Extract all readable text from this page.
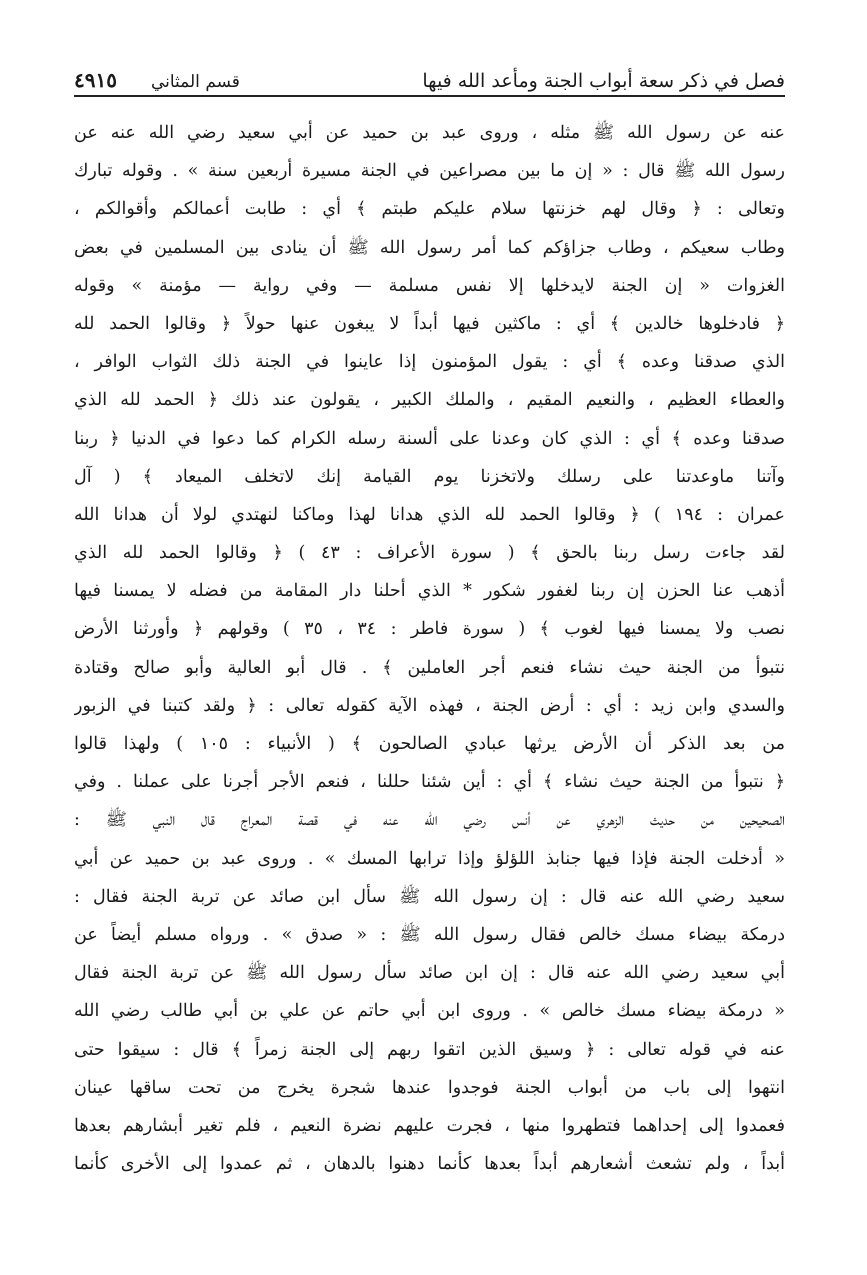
فصل في ذكر سعة أبواب الجنة ومأعد الله فيها
٤٩١٥ قسم المثاني
عنه عن رسول الله ﷺ مثله ، وروى عبد بن حميد عن أبي سعيد رضي الله عنه عن
رسول الله ﷺ قال : « إن ما بين مصراعين في الجنة مسيرة أربعين سنة » . وقوله تبارك
وتعالى : ﴿ وقال لهم خزنتها سلام عليكم طبتم ﴾ أي : طابت أعمالكم وأقوالكم ،
وطاب سعيكم ، وطاب جزاؤكم كما أمر رسول الله ﷺ أن ينادى بين المسلمين في بعض
الغزوات « إن الجنة لايدخلها إلا نفس مسلمة — وفي رواية — مؤمنة » وقوله
﴿ فادخلوها خالدين ﴾ أي : ماكثين فيها أبداً لا يبغون عنها حولاً ﴿ وقالوا الحمد لله
الذي صدقنا وعده ﴾ أي : يقول المؤمنون إذا عاينوا في الجنة ذلك الثواب الوافر ،
والعطاء العظيم ، والنعيم المقيم ، والملك الكبير ، يقولون عند ذلك ﴿ الحمد لله الذي
صدقنا وعده ﴾ أي : الذي كان وعدنا على ألسنة رسله الكرام كما دعوا في الدنيا ﴿ ربنا
وآتنا ماوعدتنا على رسلك ولاتخزنا يوم القيامة إنك لاتخلف الميعاد ﴾ ( آل
عمران : ١٩٤ ) ﴿ وقالوا الحمد لله الذي هدانا لهذا وماكنا لنهتدي لولا أن هدانا الله
لقد جاءت رسل ربنا بالحق ﴾ ( سورة الأعراف : ٤٣ ) ﴿ وقالوا الحمد لله الذي
أذهب عنا الحزن إن ربنا لغفور شكور * الذي أحلنا دار المقامة من فضله لا يمسنا فيها
نصب ولا يمسنا فيها لغوب ﴾ ( سورة فاطر : ٣٤ ، ٣٥ ) وقولهم ﴿ وأورثنا الأرض
نتبوأ من الجنة حيث نشاء فنعم أجر العاملين ﴾ . قال أبو العالية وأبو صالح وقتادة
والسدي وابن زيد : أي : أرض الجنة ، فهذه الآية كقوله تعالى : ﴿ ولقد كتبنا في الزبور
من بعد الذكر أن الأرض يرثها عبادي الصالحون ﴾ ( الأنبياء : ١٠٥ ) ولهذا قالوا
﴿ نتبوأ من الجنة حيث نشاء ﴾ أي : أين شئنا حللنا ، فنعم الأجر أجرنا على عملنا . وفي
الصحيحين من حديث الزهري عن أنس رضي الله عنه في قصة المعراج قال النبي ﷺ :
« أدخلت الجنة فإذا فيها جنابذ اللؤلؤ وإذا ترابها المسك » . وروى عبد بن حميد عن أبي
سعيد رضي الله عنه قال : إن رسول الله ﷺ سأل ابن صائد عن تربة الجنة فقال :
درمكة بيضاء مسك خالص فقال رسول الله ﷺ : « صدق » . ورواه مسلم أيضاً عن
أبي سعيد رضي الله عنه قال : إن ابن صائد سأل رسول الله ﷺ عن تربة الجنة فقال
« درمكة بيضاء مسك خالص » . وروى ابن أبي حاتم عن علي بن أبي طالب رضي الله
عنه في قوله تعالى : ﴿ وسيق الذين اتقوا ربهم إلى الجنة زمراً ﴾ قال : سيقوا حتى
انتهوا إلى باب من أبواب الجنة فوجدوا عندها شجرة يخرج من تحت ساقها عينان
فعمدوا إلى إحداهما فتطهروا منها ، فجرت عليهم نضرة النعيم ، فلم تغير أبشارهم بعدها
أبداً ، ولم تشعث أشعارهم أبداً بعدها كأنما دهنوا بالدهان ، ثم عمدوا إلى الأخرى كأنما
